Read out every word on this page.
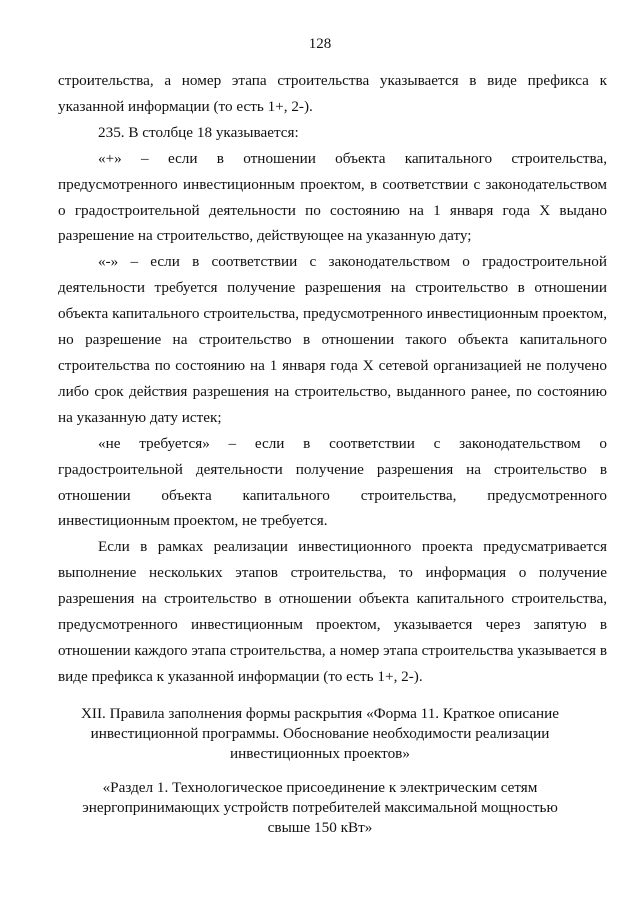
128

строительства, а номер этапа строительства указывается в виде префикса к указанной информации (то есть 1+, 2-).

235. В столбце 18 указывается:

«+» – если в отношении объекта капитального строительства, предусмотренного инвестиционным проектом, в соответствии с законодательством о градостроительной деятельности по состоянию на 1 января года X выдано разрешение на строительство, действующее на указанную дату;

«-» – если в соответствии с законодательством о градостроительной деятельности требуется получение разрешения на строительство в отношении объекта капитального строительства, предусмотренного инвестиционным проектом, но разрешение на строительство в отношении такого объекта капитального строительства по состоянию на 1 января года X сетевой организацией не получено либо срок действия разрешения на строительство, выданного ранее, по состоянию на указанную дату истек;

«не требуется» – если в соответствии с законодательством о градостроительной деятельности получение разрешения на строительство в отношении объекта капитального строительства, предусмотренного инвестиционным проектом, не требуется.

Если в рамках реализации инвестиционного проекта предусматривается выполнение нескольких этапов строительства, то информация о получение разрешения на строительство в отношении объекта капитального строительства, предусмотренного инвестиционным проектом, указывается через запятую в отношении каждого этапа строительства, а номер этапа строительства указывается в виде префикса к указанной информации (то есть 1+, 2-).

XII. Правила заполнения формы раскрытия «Форма 11. Краткое описание

инвестиционной программы. Обоснование необходимости реализации

инвестиционных проектов»

«Раздел 1. Технологическое присоединение к электрическим сетям

энергопринимающих устройств потребителей максимальной мощностью

свыше 150 кВт»
